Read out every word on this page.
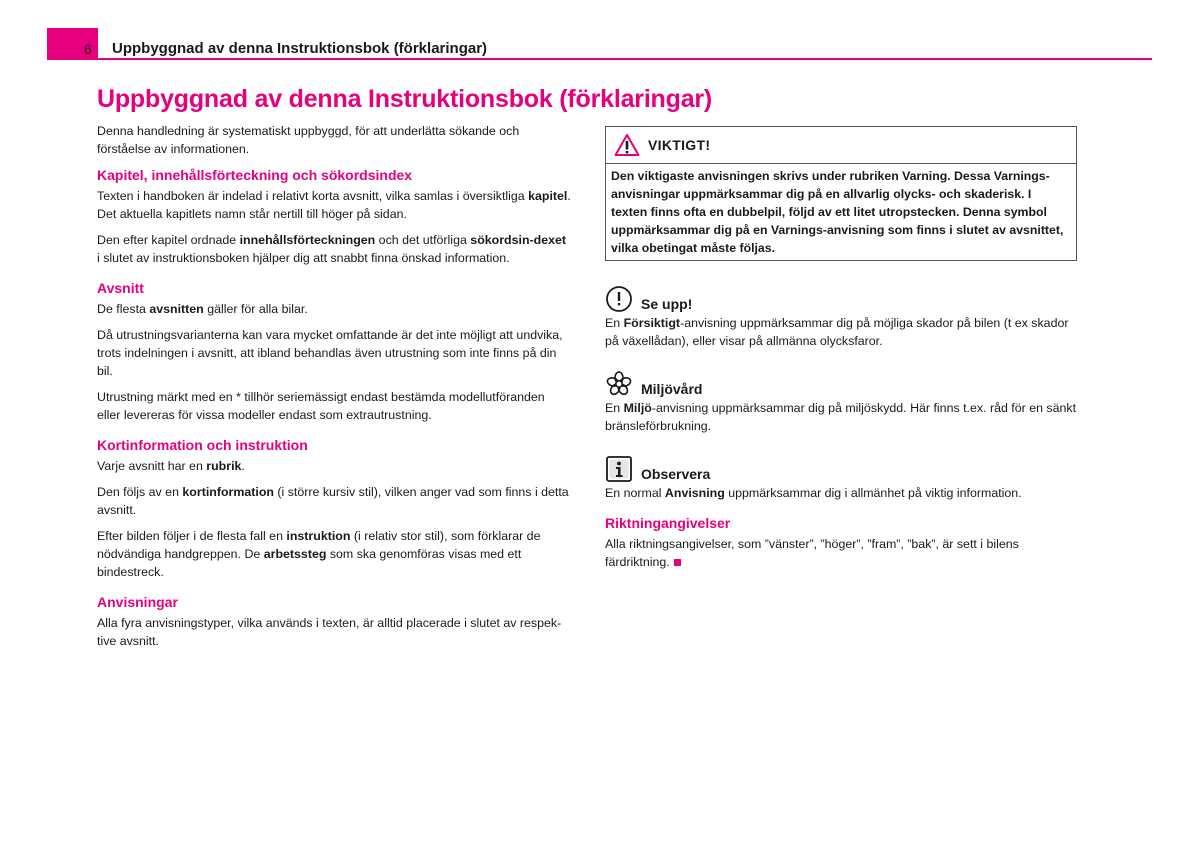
6 Uppbyggnad av denna Instruktionsbok (förklaringar)
Uppbyggnad av denna Instruktionsbok (förklaringar)

Denna handledning är systematiskt uppbyggd, för att underlätta sökande och förståelse av informationen.

Kapitel, innehållsförteckning och sökordsindex

Texten i handboken är indelad i relativt korta avsnitt, vilka samlas i översiktliga kapitel. Det aktuella kapitlets namn står nertill till höger på sidan.

Den efter kapitel ordnade innehållsförteckningen och det utförliga sökordsin-dexet i slutet av instruktionsboken hjälper dig att snabbt finna önskad information.

Avsnitt

De flesta avsnitten gäller för alla bilar.

Då utrustningsvarianterna kan vara mycket omfattande är det inte möjligt att undvika, trots indelningen i avsnitt, att ibland behandlas även utrustning som inte finns på din bil.

Utrustning märkt med en * tillhör seriemässigt endast bestämda modellutföranden eller levereras för vissa modeller endast som extrautrustning.

Kortinformation och instruktion

Varje avsnitt har en rubrik.

Den följs av en kortinformation (i större kursiv stil), vilken anger vad som finns i detta avsnitt.

Efter bilden följer i de flesta fall en instruktion (i relativ stor stil), som förklarar de nödvändiga handgreppen. De arbetssteg som ska genomföras visas med ett bindestreck.

Anvisningar

Alla fyra anvisningstyper, vilka används i texten, är alltid placerade i slutet av respek-tive avsnitt.

VIKTIGT!
Den viktigaste anvisningen skrivs under rubriken Varning. Dessa Varnings-anvisningar uppmärksammar dig på en allvarlig olycks- och skaderisk. I texten finns ofta en dubbelpil, följd av ett litet utropstecken. Denna symbol uppmärksammar dig på en Varnings-anvisning som finns i slutet av avsnittet, vilka obetingat måste följas.
Se upp!

En Försiktigt-anvisning uppmärksammar dig på möjliga skador på bilen (t ex skador på växellådan), eller visar på allmänna olycksfaror.

Miljövård

En Miljö-anvisning uppmärksammar dig på miljöskydd. Här finns t.ex. råd för en sänkt bränsleförbrukning.

Observera

En normal Anvisning uppmärksammar dig i allmänhet på viktig information.

Riktningangivelser

Alla riktningsangivelser, som ”vänster”, ”höger”, ”fram”, ”bak”, är sett i bilens färdriktning.
